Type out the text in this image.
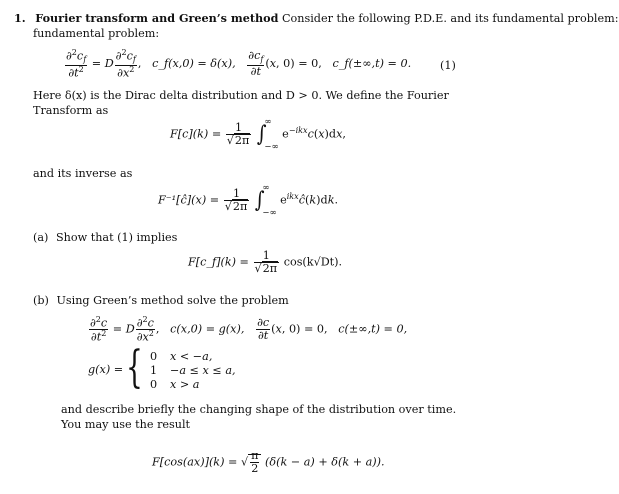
1. Fourier transform and Green’s method Consider the following P.D.E. and its fundamental problem:
fundamental problem:
$\frac{\partial^2c_f}{\partial t^2} = D \frac{\partial^2c_f}{\partial x^2}$ ,   c_f(x,0) = δ(x), $\frac{\partial c_f}{\partial t} (x$, 0) = 0,   c_f(±∞,t) = 0.	(1)
Here δ(x) is the Dirac delta distribution and D > 0. We define the Fourier Transform as
$F[c](k) = \frac{1}{√2\pi}$ ∫
∞
−∞
$e^{-ikx}c(x)dx$,
and its inverse as
F⁻¹[ĉ](x) = $\frac{1}{√2\pi}$ ∫
∞
−∞
$e^{ikx}ĉ(k)dk$.
(a) Show that (1) implies
F[c_f](k) = $\frac{1}{√2\pi} \cos(k√Dt)$.
(b) Using Green’s method solve the problem
$\frac{\partial^2c}{\partial t^2} = D \frac{\partial^2c}{\partial x^2}$ ,   c(x,0) = g(x), $\frac{\partial c}{\partial t} (x$, 0) = 0,   c(±∞,t) = 0,
g(x) = { 0
1
0
x < −a,
−a ≤ x ≤ a,
x > a
and describe briefly the changing shape of the distribution over time. You may use the result
F[cos(ax)](k) = √ $\frac{\pi}{2} (\delta(k - a) + \delta(k + a))$.
